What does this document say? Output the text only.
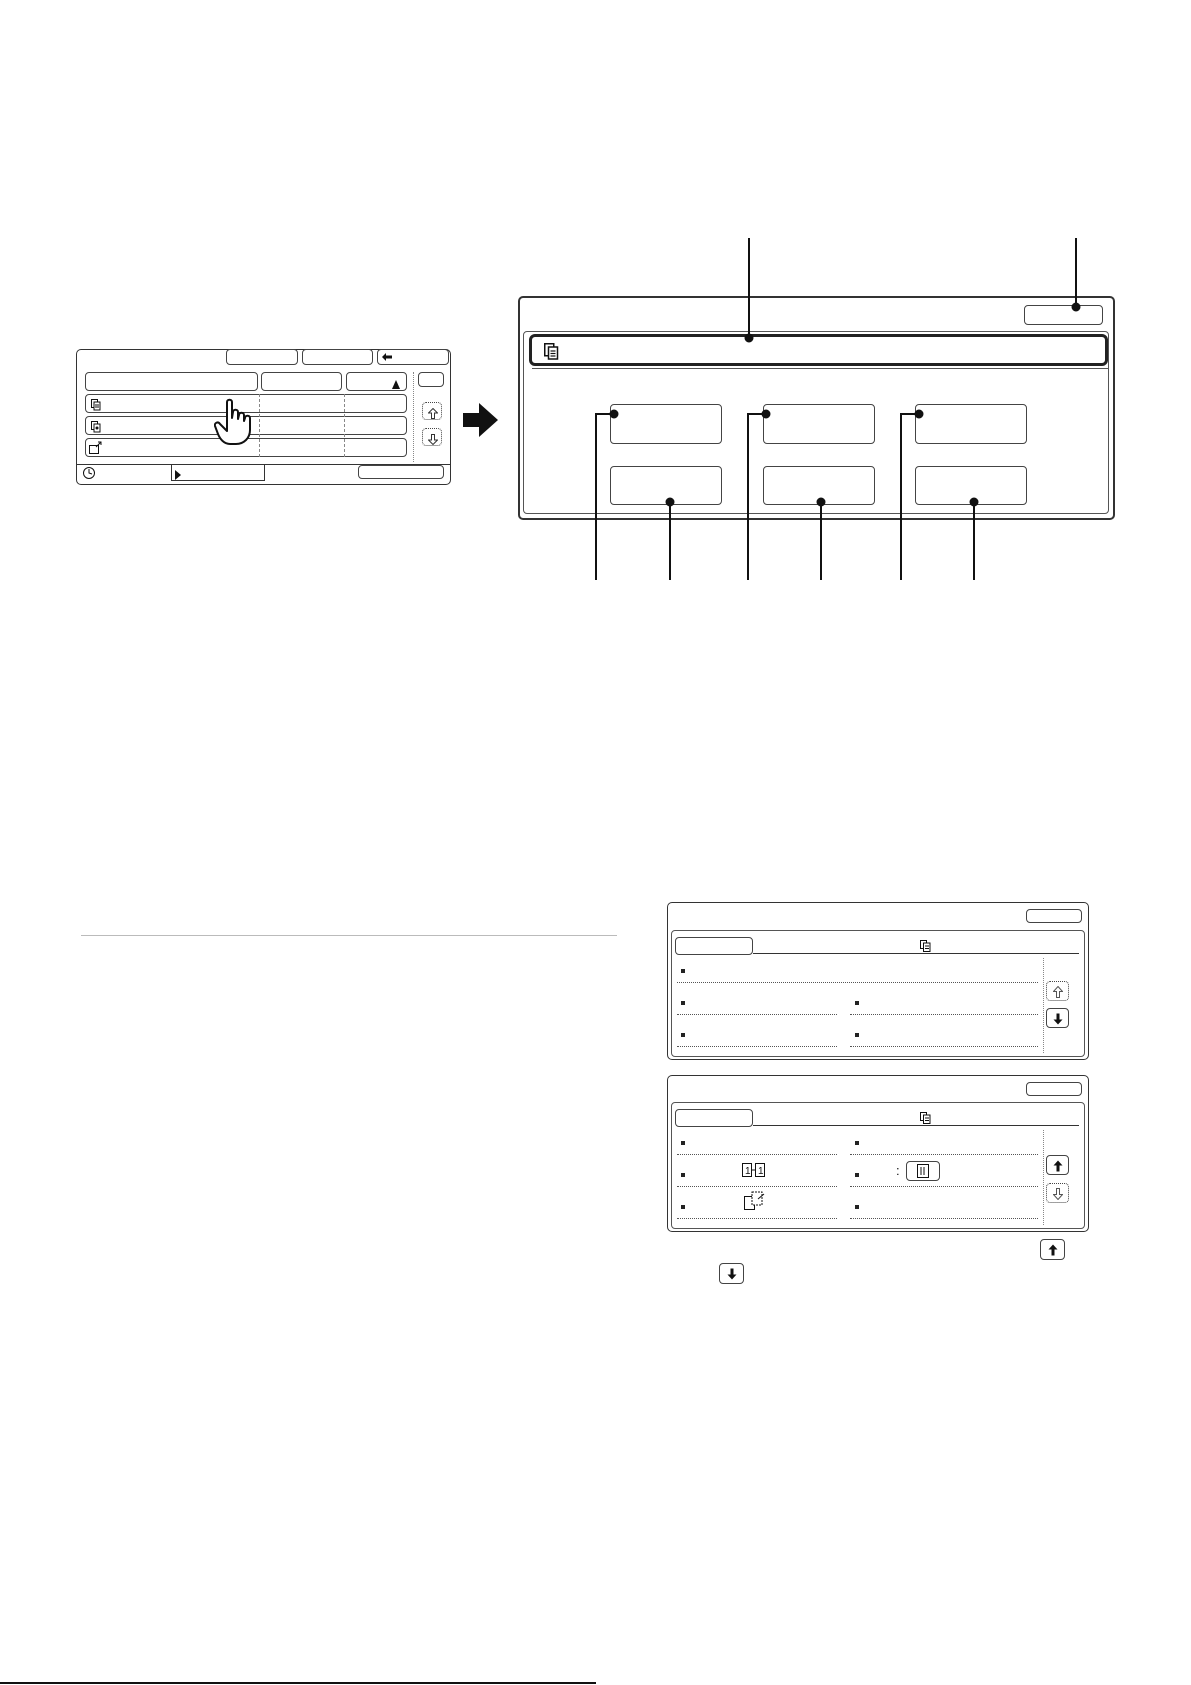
1 1	:
